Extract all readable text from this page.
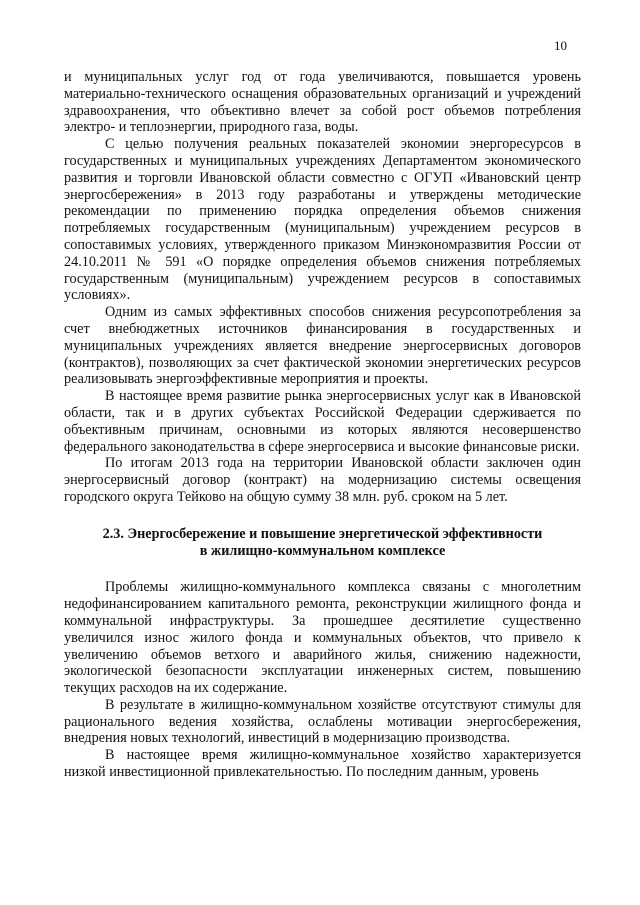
10

и муниципальных услуг год от года увеличиваются, повышается уровень материально-технического оснащения образовательных организаций и учреждений здравоохранения, что объективно влечет за собой рост объемов потребления электро- и теплоэнергии, природного газа, воды.

С целью получения реальных показателей экономии энергоресурсов в государственных и муниципальных учреждениях Департаментом экономического развития и торговли Ивановской области совместно с ОГУП «Ивановский центр энергосбережения» в 2013 году разработаны и утверждены методические рекомендации по применению порядка определения объемов снижения потребляемых государственным (муниципальным) учреждением ресурсов в сопоставимых условиях, утвержденного приказом Минэкономразвития России от 24.10.2011 № 591 «О порядке определения объемов снижения потребляемых государственным (муниципальным) учреждением ресурсов в сопоставимых условиях».

Одним из самых эффективных способов снижения ресурсопотребления за счет внебюджетных источников финансирования в государственных и муниципальных учреждениях является внедрение энергосервисных договоров (контрактов), позволяющих за счет фактической экономии энергетических ресурсов реализовывать энергоэффективные мероприятия и проекты.

В настоящее время развитие рынка энергосервисных услуг как в Ивановской области, так и в других субъектах Российской Федерации сдерживается по объективным причинам, основными из которых являются несовершенство федерального законодательства в сфере энергосервиса и высокие финансовые риски.

По итогам 2013 года на территории Ивановской области заключен один энергосервисный договор (контракт) на модернизацию системы освещения городского округа Тейково на общую сумму 38 млн. руб. сроком на 5 лет.

2.3. Энергосбережение и повышение энергетической эффективности
в жилищно-коммунальном комплексе

Проблемы жилищно-коммунального комплекса связаны с многолетним недофинансированием капитального ремонта, реконструкции жилищного фонда и коммунальной инфраструктуры. За прошедшее десятилетие существенно увеличился износ жилого фонда и коммунальных объектов, что привело к увеличению объемов ветхого и аварийного жилья, снижению надежности, экологической безопасности эксплуатации инженерных систем, повышению текущих расходов на их содержание.

В результате в жилищно-коммунальном хозяйстве отсутствуют стимулы для рационального ведения хозяйства, ослаблены мотивации энергосбережения, внедрения новых технологий, инвестиций в модернизацию производства.

В настоящее время жилищно-коммунальное хозяйство характеризуется низкой инвестиционной привлекательностью. По последним данным, уровень
